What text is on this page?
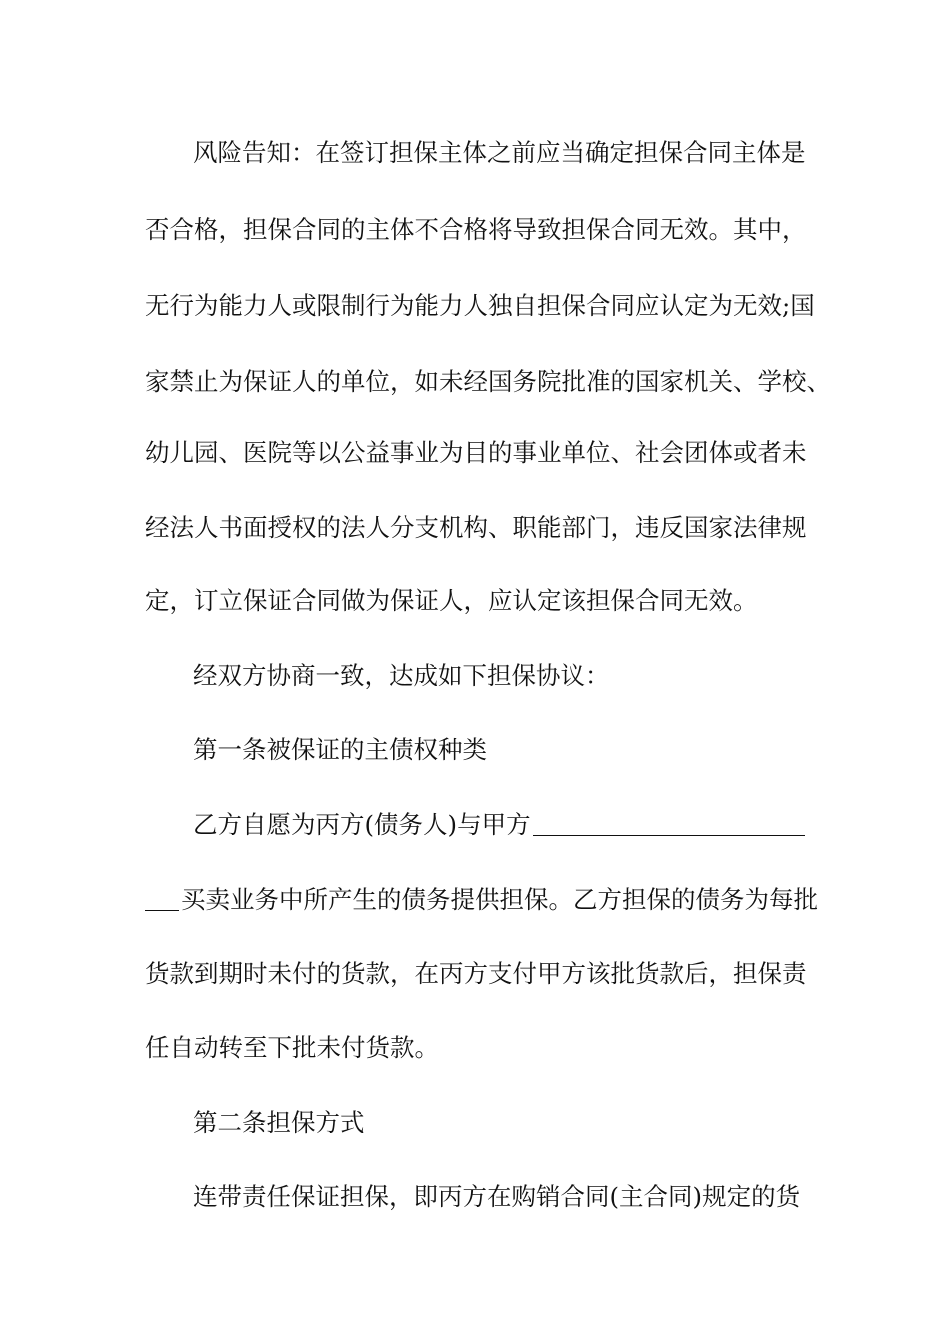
风险告知：在签订担保主体之前应当确定担保合同主体是
否合格，担保合同的主体不合格将导致担保合同无效。其中，
无行为能力人或限制行为能力人独自担保合同应认定为无效;国
家禁止为保证人的单位，如未经国务院批准的国家机关、学校、
幼儿园、医院等以公益事业为目的事业单位、社会团体或者未
经法人书面授权的法人分支机构、职能部门，违反国家法律规
定，订立保证合同做为保证人，应认定该担保合同无效。
经双方协商一致，达成如下担保协议：
第一条被保证的主债权种类
乙方自愿为丙方(债务人)与甲方
买卖业务中所产生的债务提供担保。乙方担保的债务为每批
货款到期时未付的货款，在丙方支付甲方该批货款后，担保责
任自动转至下批未付货款。
第二条担保方式
连带责任保证担保，即丙方在购销合同(主合同)规定的货
